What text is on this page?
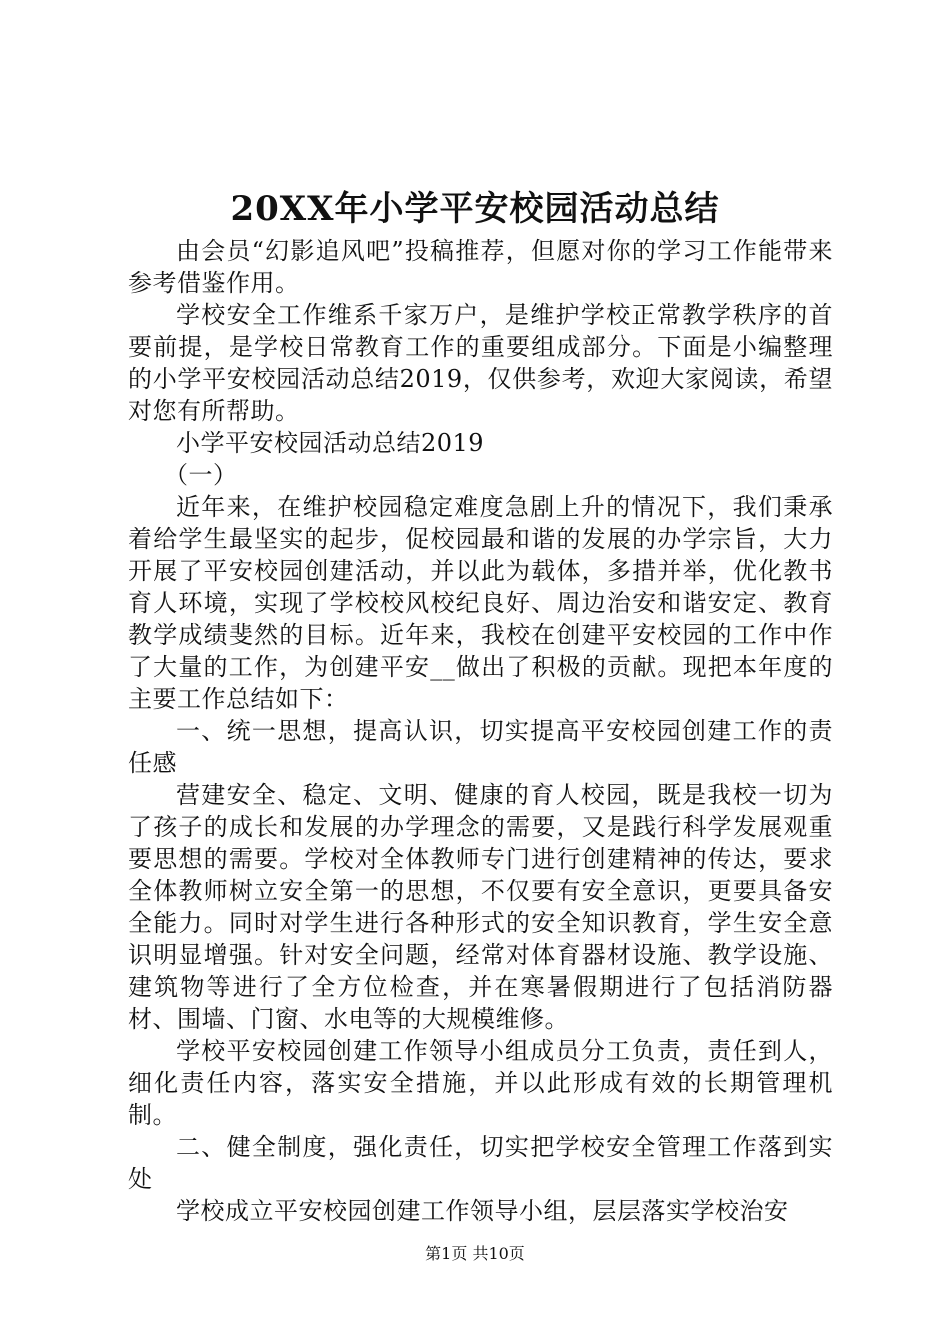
20XX年小学平安校园活动总结

由会员“幻影追风吧”投稿推荐，但愿对你的学习工作能带来参考借鉴作用。

学校安全工作维系千家万户，是维护学校正常教学秩序的首要前提，是学校日常教育工作的重要组成部分。下面是小编整理的小学平安校园活动总结2019，仅供参考，欢迎大家阅读，希望对您有所帮助。

小学平安校园活动总结2019

（一）

近年来，在维护校园稳定难度急剧上升的情况下，我们秉承着给学生最坚实的起步，促校园最和谐的发展的办学宗旨，大力开展了平安校园创建活动，并以此为载体，多措并举，优化教书育人环境，实现了学校校风校纪良好、周边治安和谐安定、教育教学成绩斐然的目标。近年来，我校在创建平安校园的工作中作了大量的工作，为创建平安__做出了积极的贡献。现把本年度的主要工作总结如下：

一、统一思想，提高认识，切实提高平安校园创建工作的责任感

营建安全、稳定、文明、健康的育人校园，既是我校一切为了孩子的成长和发展的办学理念的需要，又是践行科学发展观重要思想的需要。学校对全体教师专门进行创建精神的传达，要求全体教师树立安全第一的思想，不仅要有安全意识，更要具备安全能力。同时对学生进行各种形式的安全知识教育，学生安全意识明显增强。针对安全问题，经常对体育器材设施、教学设施、建筑物等进行了全方位检查，并在寒暑假期进行了包括消防器材、围墙、门窗、水电等的大规模维修。

学校平安校园创建工作领导小组成员分工负责，责任到人，细化责任内容，落实安全措施，并以此形成有效的长期管理机制。

二、健全制度，强化责任，切实把学校安全管理工作落到实处

学校成立平安校园创建工作领导小组，层层落实学校治安

第1页 共10页
